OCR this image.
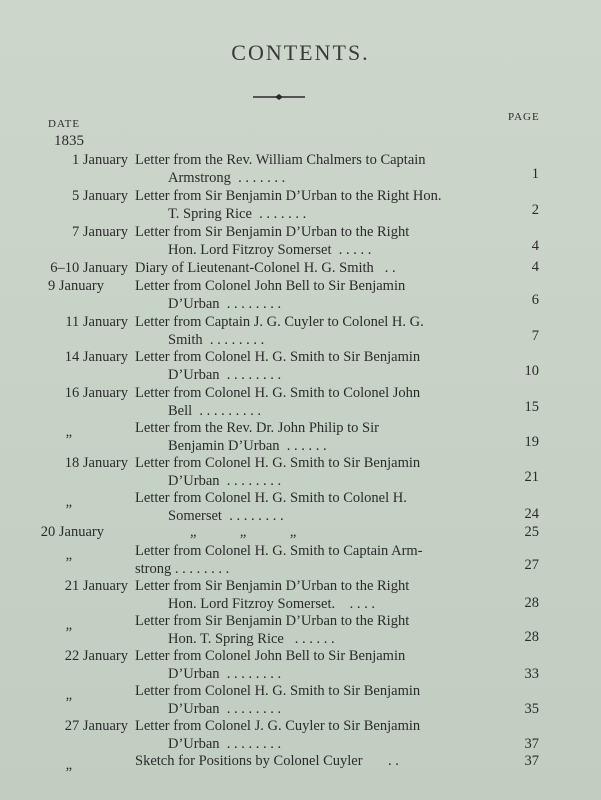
CONTENTS.
DATE
PAGE
1835
1 January Letter from the Rev. William Chalmers to Captain
Armstrong . . . . . . .	1
5 January Letter from Sir Benjamin D’Urban to the Right Hon.
T. Spring Rice . . . . . . .	2
7 January Letter from Sir Benjamin D’Urban to the Right
Hon. Lord Fitzroy Somerset . . . . .	4
6–10 January Diary of Lieutenant-Colonel H. G. Smith . .	4
9 January Letter from Colonel John Bell to Sir Benjamin
D’Urban . . . . . . . .	6
11 January Letter from Captain J. G. Cuyler to Colonel H. G.
Smith . . . . . . . .	7
14 January Letter from Colonel H. G. Smith to Sir Benjamin
D’Urban . . . . . . . .	10
16 January Letter from Colonel H. G. Smith to Colonel John
Bell . . . . . . . . .	15
„	Letter from the Rev. Dr. John Philip to Sir
Benjamin D’Urban . . . . . .	19
18 January Letter from Colonel H. G. Smith to Sir Benjamin
D’Urban . . . . . . . .	21
„	Letter from Colonel H. G. Smith to Colonel H.
Somerset . . . . . . . .	24
20 January	„            „            „	25
„	Letter from Colonel H. G. Smith to Captain Arm-
strong . . . . . . . .	27
21 January Letter from Sir Benjamin D’Urban to the Right
Hon. Lord Fitzroy Somerset. . . . .	28
„	Letter from Sir Benjamin D’Urban to the Right
Hon. T. Spring Rice . . . . . .	28
22 January Letter from Colonel John Bell to Sir Benjamin
D’Urban . . . . . . . .	33
„	Letter from Colonel H. G. Smith to Sir Benjamin
D’Urban . . . . . . . .	35
27 January Letter from Colonel J. G. Cuyler to Sir Benjamin
D’Urban . . . . . . . .	37
„	Sketch for Positions by Colonel Cuyler . .	37
